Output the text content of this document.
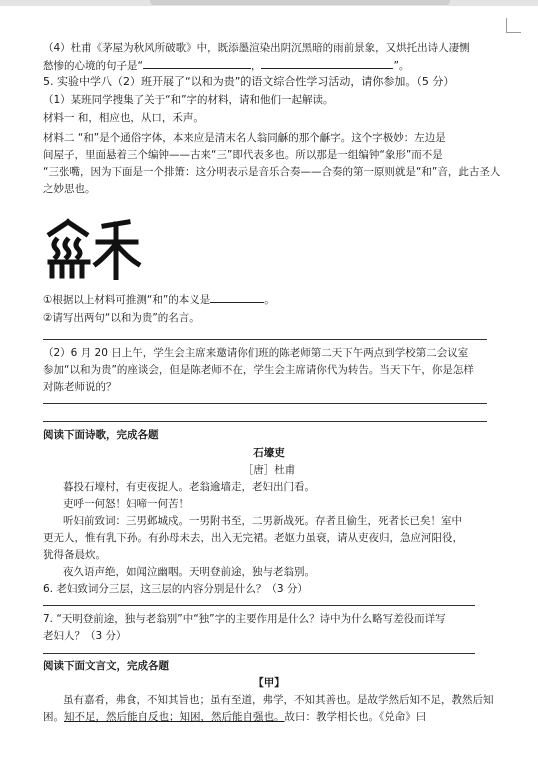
（4）杜甫《茅屋为秋风所破歌》中，既添墨渲染出阴沉黑暗的雨前景象，又烘托出诗人凄恻
愁惨的心境的句子是“	，	”。
5. 实验中学八（2）班开展了“以和为贵”的语文综合性学习活动，请你参加。（5 分）
（1）某班同学搜集了关于“和”字的材料，请和他们一起解读。
材料一 和，相应也，从口，禾声。
材料二 “和”是个通俗字体，本来应是清末名人翁同龢的那个龢字。这个字极妙：左边是
间屋子，里面悬着三个编钟——古来“三”即代表多也。所以那是一组编钟“象形”而不是
“三张嘴，因为下面是一个排箫：这分明表示是音乐合奏——合奏的第一原则就是“和”音，此古圣人
之妙思也。
①根据以上材料可推测“和”的本义是	。
②请写出两句“以和为贵”的名言。
（2）6 月 20 日上午，学生会主席来邀请你们班的陈老师第二天下午两点到学校第二会议室
参加“以和为贵”的座谈会，但是陈老师不在，学生会主席请你代为转告。当天下午，你是怎样
对陈老师说的？
阅读下面诗歌，完成各题
石壕吏
［唐］杜甫
暮投石壕村，有吏夜捉人。老翁逾墙走，老妇出门看。
吏呼一何怒！妇啼一何苦！
听妇前致词：三男邺城戍。一男附书至，二男新战死。存者且偷生，死者长已矣！室中
更无人，惟有乳下孙。有孙母未去，出入无完裙。老妪力虽衰，请从吏夜归，急应河阳役，
犹得备晨炊。
夜久语声绝，如闻泣幽咽。天明登前途，独与老翁别。
6. 老妇致词分三层，这三层的内容分别是什么？（3 分）
7. “天明登前途，独与老翁别”中“独”字的主要作用是什么？诗中为什么略写差役而详写
老妇人？（3 分）
阅读下面文言文，完成各题
【甲】
虽有嘉肴，弗食，不知其旨也；虽有至道，弗学，不知其善也。是故学然后知不足，教然后知
困。知不足，然后能自反也；知困，然后能自强也。故曰：教学相长也。《兑命》曰
